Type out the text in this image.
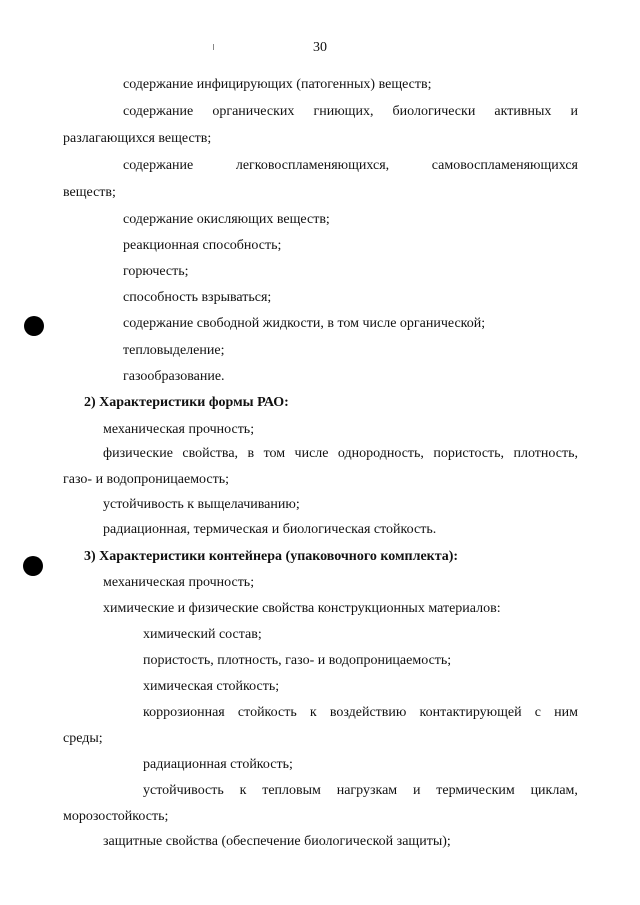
30
содержание инфицирующих (патогенных) веществ;
содержание органических гниющих, биологически активных и
разлагающихся веществ;
содержание	легковоспламеняющихся,	самовоспламеняющихся
веществ;
содержание окисляющих веществ;
реакционная способность;
горючесть;
способность взрываться;
содержание свободной жидкости, в том числе органической;
тепловыделение;
газообразование.
2) Характеристики формы РАО:
механическая прочность;
физические свойства, в том числе однородность, пористость, плотность,
газо- и водопроницаемость;
устойчивость к выщелачиванию;
радиационная, термическая и биологическая стойкость.
3) Характеристики контейнера (упаковочного комплекта):
механическая прочность;
химические и физические свойства конструкционных материалов:
химический состав;
пористость, плотность, газо- и водопроницаемость;
химическая стойкость;
коррозионная стойкость к воздействию контактирующей с ним
среды;
радиационная стойкость;
устойчивость к тепловым нагрузкам и термическим циклам,
морозостойкость;
защитные свойства (обеспечение биологической защиты);
